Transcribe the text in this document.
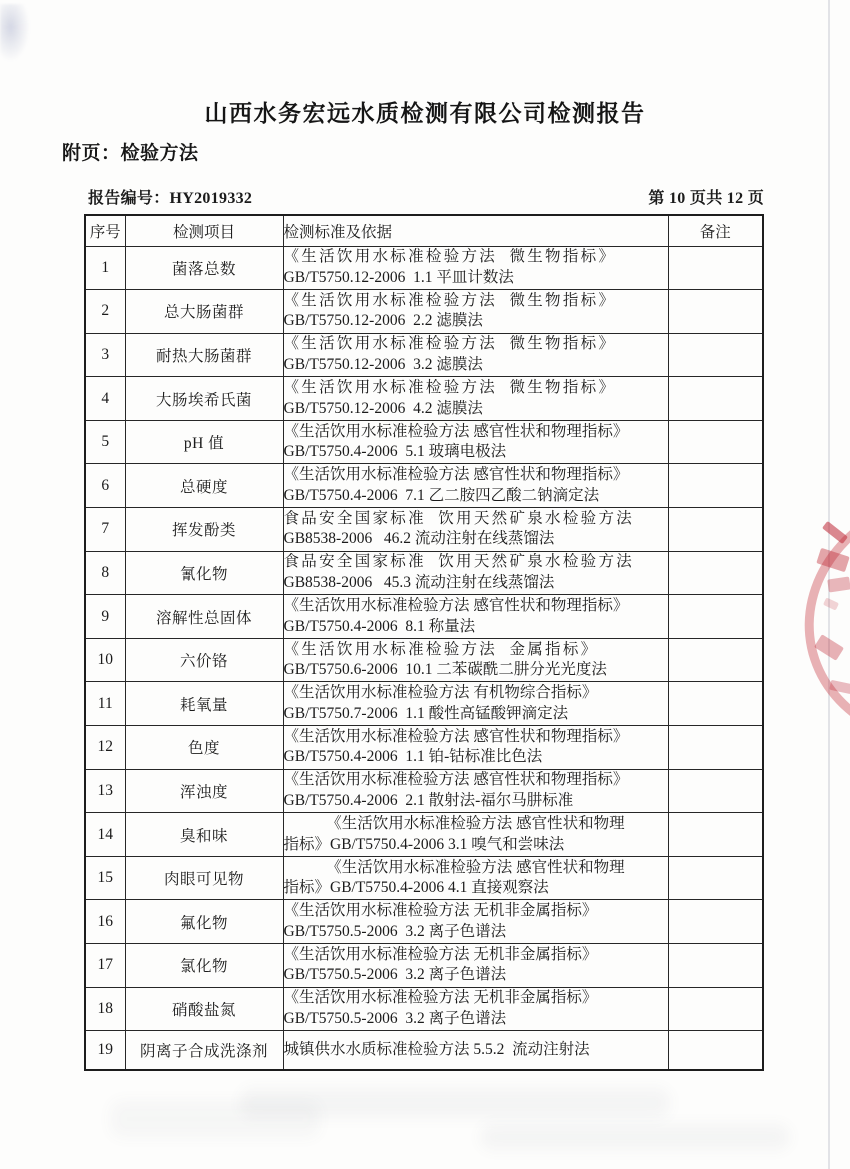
山西水务宏远水质检测有限公司检测报告
附页：检验方法
报告编号：HY2019332	第 10 页共 12 页
序号	检测项目	检测标准及依据	备注
1	菌落总数	《生活饮用水标准检验方法  微生物指标》
GB/T5750.12-2006  1.1 平皿计数法	

2	总大肠菌群	《生活饮用水标准检验方法  微生物指标》
GB/T5750.12-2006  2.2 滤膜法	

3	耐热大肠菌群	《生活饮用水标准检验方法  微生物指标》
GB/T5750.12-2006  3.2 滤膜法	

4	大肠埃希氏菌	《生活饮用水标准检验方法  微生物指标》
GB/T5750.12-2006  4.2 滤膜法	

5	pH 值	《生活饮用水标准检验方法 感官性状和物理指标》
GB/T5750.4-2006  5.1 玻璃电极法	

6	总硬度	《生活饮用水标准检验方法 感官性状和物理指标》
GB/T5750.4-2006  7.1 乙二胺四乙酸二钠滴定法	

7	挥发酚类	食品安全国家标准  饮用天然矿泉水检验方法
GB8538-2006   46.2 流动注射在线蒸馏法	

8	氰化物	食品安全国家标准  饮用天然矿泉水检验方法
GB8538-2006   45.3 流动注射在线蒸馏法	

9	溶解性总固体	《生活饮用水标准检验方法 感官性状和物理指标》
GB/T5750.4-2006  8.1 称量法	

10	六价铬	《生活饮用水标准检验方法  金属指标》
GB/T5750.6-2006  10.1 二苯碳酰二肼分光光度法	

11	耗氧量	《生活饮用水标准检验方法 有机物综合指标》
GB/T5750.7-2006  1.1 酸性高锰酸钾滴定法	

12	色度	《生活饮用水标准检验方法 感官性状和物理指标》
GB/T5750.4-2006  1.1 铂-钴标准比色法	

13	浑浊度	《生活饮用水标准检验方法 感官性状和物理指标》
GB/T5750.4-2006  2.1 散射法-福尔马肼标准	

14	臭和味	《生活饮用水标准检验方法 感官性状和物理
指标》GB/T5750.4-2006 3.1 嗅气和尝味法	

15	肉眼可见物	《生活饮用水标准检验方法 感官性状和物理
指标》GB/T5750.4-2006 4.1 直接观察法	

16	氟化物	《生活饮用水标准检验方法 无机非金属指标》
GB/T5750.5-2006  3.2 离子色谱法	

17	氯化物	《生活饮用水标准检验方法 无机非金属指标》
GB/T5750.5-2006  3.2 离子色谱法	

18	硝酸盐氮	《生活饮用水标准检验方法 无机非金属指标》
GB/T5750.5-2006  3.2 离子色谱法	

19	阴离子合成洗涤剂	城镇供水水质标准检验方法 5.5.2  流动注射法	
